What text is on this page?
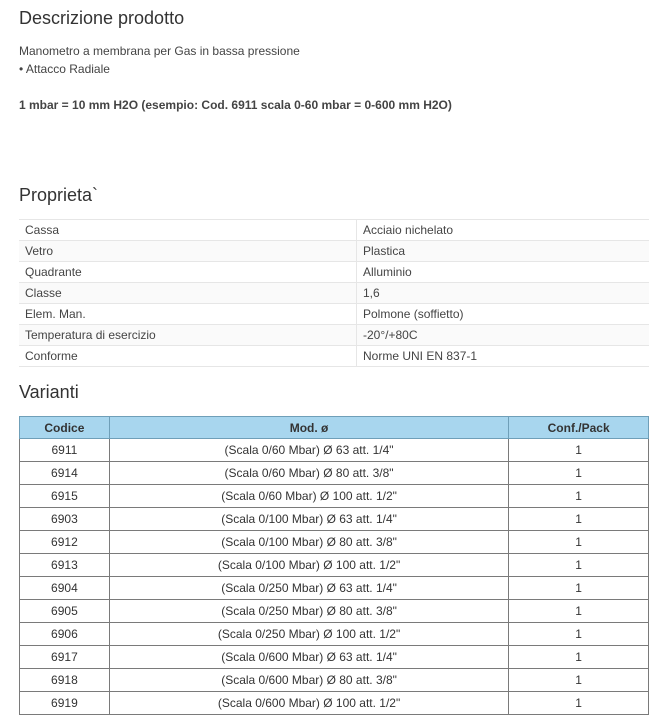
Descrizione prodotto

Manometro a membrana per Gas in bassa pressione

• Attacco Radiale

1 mbar = 10 mm H2O (esempio: Cod. 6911 scala 0-60 mbar = 0-600 mm H2O)

Proprieta`
Cassa	Acciaio nichelato
Vetro	Plastica
Quadrante	Alluminio
Classe	1,6
Elem. Man.	Polmone (soffietto)
Temperatura di esercizio	-20°/+80C
Conforme	Norme UNI EN 837-1
Varianti
Codice	Mod. ø	Conf./Pack
6911	(Scala 0/60 Mbar) Ø 63 att. 1/4"	1
6914	(Scala 0/60 Mbar) Ø 80 att. 3/8"	1
6915	(Scala 0/60 Mbar) Ø 100 att. 1/2"	1
6903	(Scala 0/100 Mbar) Ø 63 att. 1/4"	1
6912	(Scala 0/100 Mbar) Ø 80 att. 3/8"	1
6913	(Scala 0/100 Mbar) Ø 100 att. 1/2"	1
6904	(Scala 0/250 Mbar) Ø 63 att. 1/4"	1
6905	(Scala 0/250 Mbar) Ø 80 att. 3/8"	1
6906	(Scala 0/250 Mbar) Ø 100 att. 1/2"	1
6917	(Scala 0/600 Mbar) Ø 63 att. 1/4"	1
6918	(Scala 0/600 Mbar) Ø 80 att. 3/8"	1
6919	(Scala 0/600 Mbar) Ø 100 att. 1/2"	1
